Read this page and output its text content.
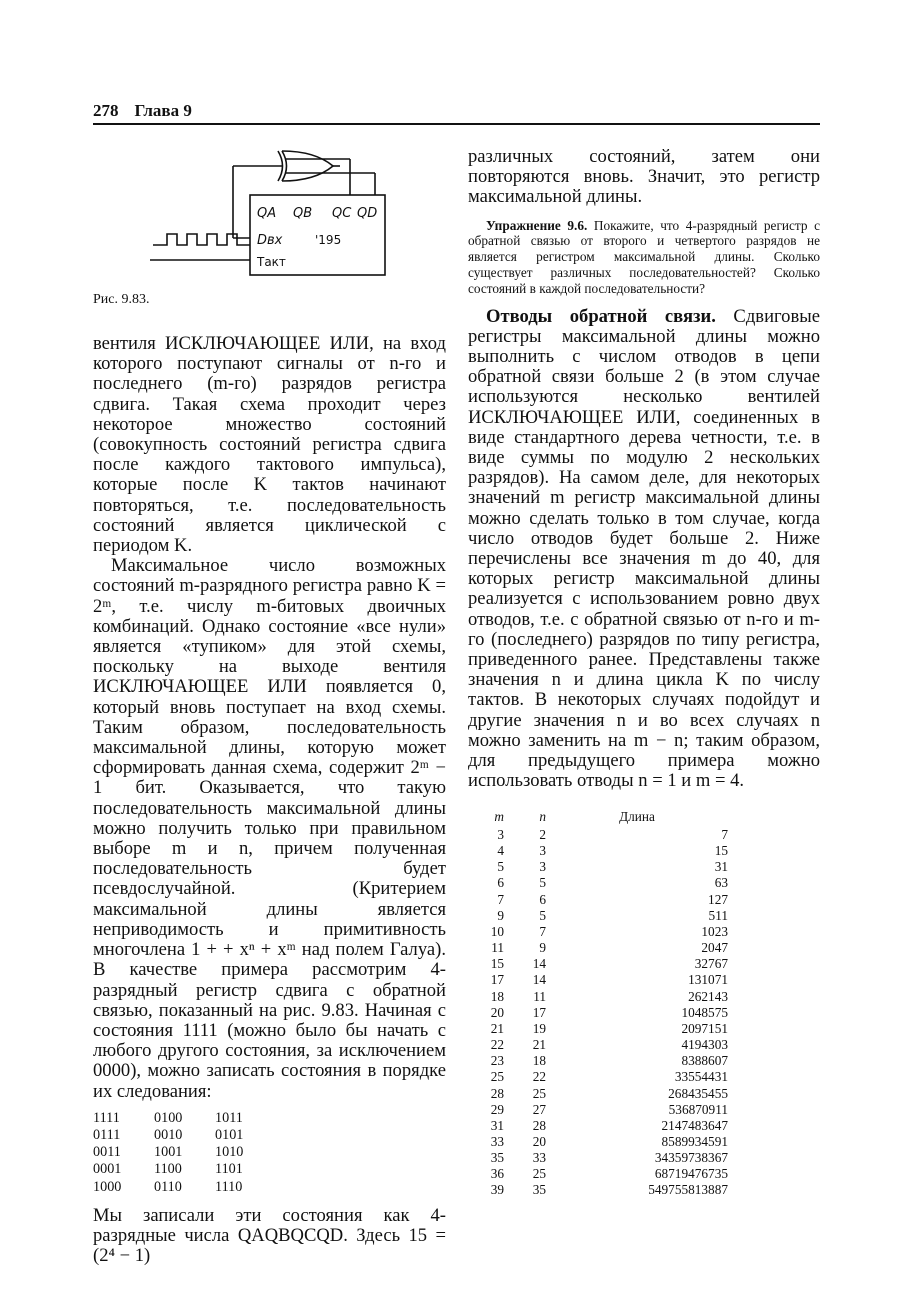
278 Глава 9
QA QB QC QD
Dвх	'195
Такт
Рис. 9.83.

вентиля ИСКЛЮЧАЮЩЕЕ ИЛИ, на вход которого поступают сигналы от n-го и последнего (m-го) разрядов регистра сдвига. Такая схема проходит через некоторое множество состояний (совокупность состояний регистра сдвига после каждого тактового импульса), которые после K тактов начинают повторяться, т.е. последовательность состояний является циклической с периодом K.

Максимальное число возможных состояний m-разрядного регистра равно K = 2ᵐ, т.е. числу m-битовых двоичных комбинаций. Однако состояние «все нули» является «тупиком» для этой схемы, поскольку на выходе вентиля ИСКЛЮЧАЮЩЕЕ ИЛИ появляется 0, который вновь поступает на вход схемы. Таким образом, последовательность максимальной длины, которую может сформировать данная схема, содержит 2ᵐ − 1 бит. Оказывается, что такую последовательность максимальной длины можно получить только при правильном выборе m и n, причем полученная последовательность будет псевдослучайной. (Критерием максимальной длины является неприводимость и примитивность многочлена 1 + + xⁿ + xᵐ над полем Галуа). В качестве примера рассмотрим 4-разрядный регистр сдвига с обратной связью, показанный на рис. 9.83. Начиная с состояния 1111 (можно было бы начать с любого другого состояния, за исключением 0000), можно записать состояния в порядке их следования:

1111	0100	1011
0111	0010	0101
0011	1001	1010
0001	1100	1101
1000	0110	1110

Мы записали эти состояния как 4-разрядные числа QAQBQCQD. Здесь 15 = (2⁴ − 1)

различных состояний, затем они повторяются вновь. Значит, это регистр максимальной длины.

Упражнение 9.6. Покажите, что 4-разрядный регистр с обратной связью от второго и четвертого разрядов не является регистром максимальной длины. Сколько существует различных последовательностей? Сколько состояний в каждой последовательности?

Отводы обратной связи. Сдвиговые регистры максимальной длины можно выполнить с числом отводов в цепи обратной связи больше 2 (в этом случае используются несколько вентилей ИСКЛЮЧАЮЩЕЕ ИЛИ, соединенных в виде стандартного дерева четности, т.е. в виде суммы по модулю 2 нескольких разрядов). На самом деле, для некоторых значений m регистр максимальной длины можно сделать только в том случае, когда число отводов будет больше 2. Ниже перечислены все значения m до 40, для которых регистр максимальной длины реализуется с использованием ровно двух отводов, т.е. с обратной связью от n-го и m-го (последнего) разрядов по типу регистра, приведенного ранее. Представлены также значения n и длина цикла K по числу тактов. В некоторых случаях подойдут и другие значения n и во всех случаях n можно заменить на m − n; таким образом, для предыдущего примера можно использовать отводы n = 1 и m = 4.

m	n	Длина
3	2	7
4	3	15
5	3	31
6	5	63
7	6	127
9	5	511
10	7	1023
11	9	2047
15	14	32767
17	14	131071
18	11	262143
20	17	1048575
21	19	2097151
22	21	4194303
23	18	8388607
25	22	33554431
28	25	268435455
29	27	536870911
31	28	2147483647
33	20	8589934591
35	33	34359738367
36	25	68719476735
39	35	549755813887
